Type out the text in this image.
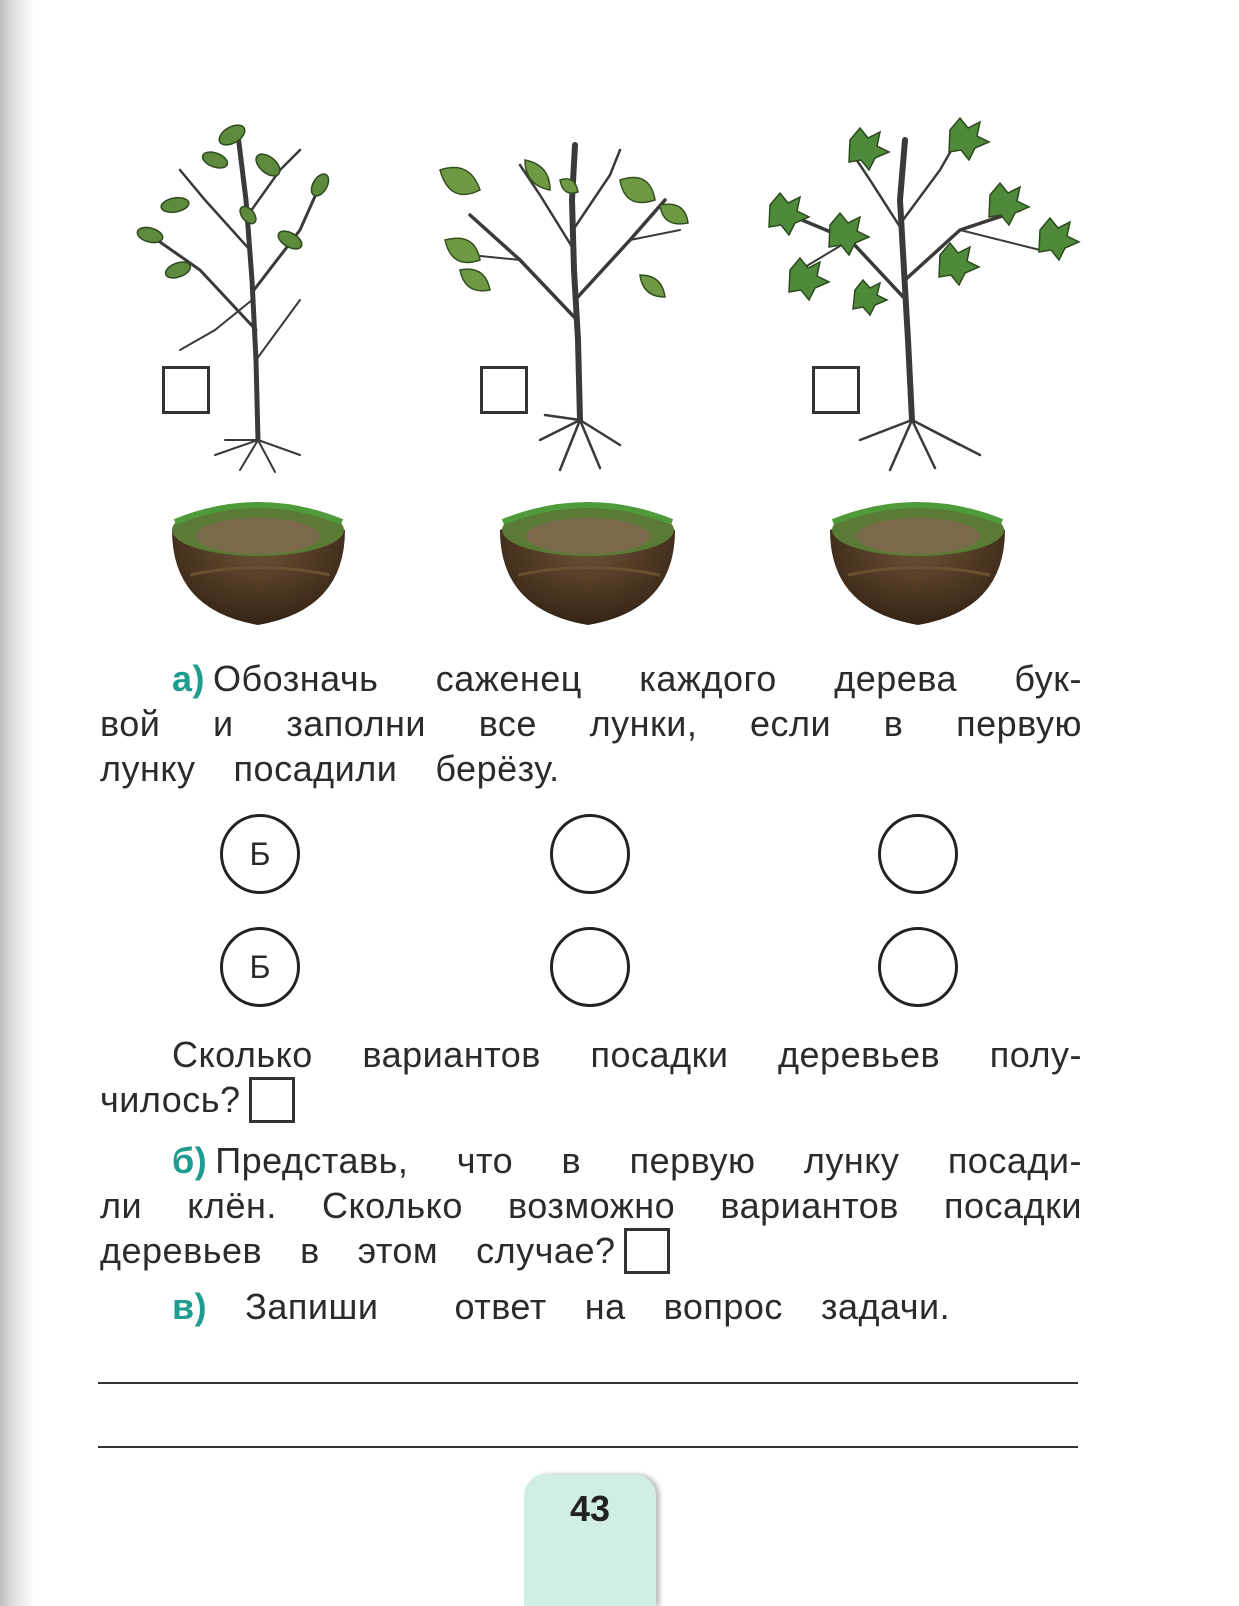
а) Обозначь саженец каждого дерева бук-
вой и заполни все лунки, если в первую
лунку посадили берёзу.
Б
Б
Сколько вариантов посадки деревьев полу-
чилось?
б) Представь, что в первую лунку посади-
ли клён. Сколько возможно вариантов посадки
деревьев в этом случае?
в) Запиши	ответ на вопрос задачи.
43
